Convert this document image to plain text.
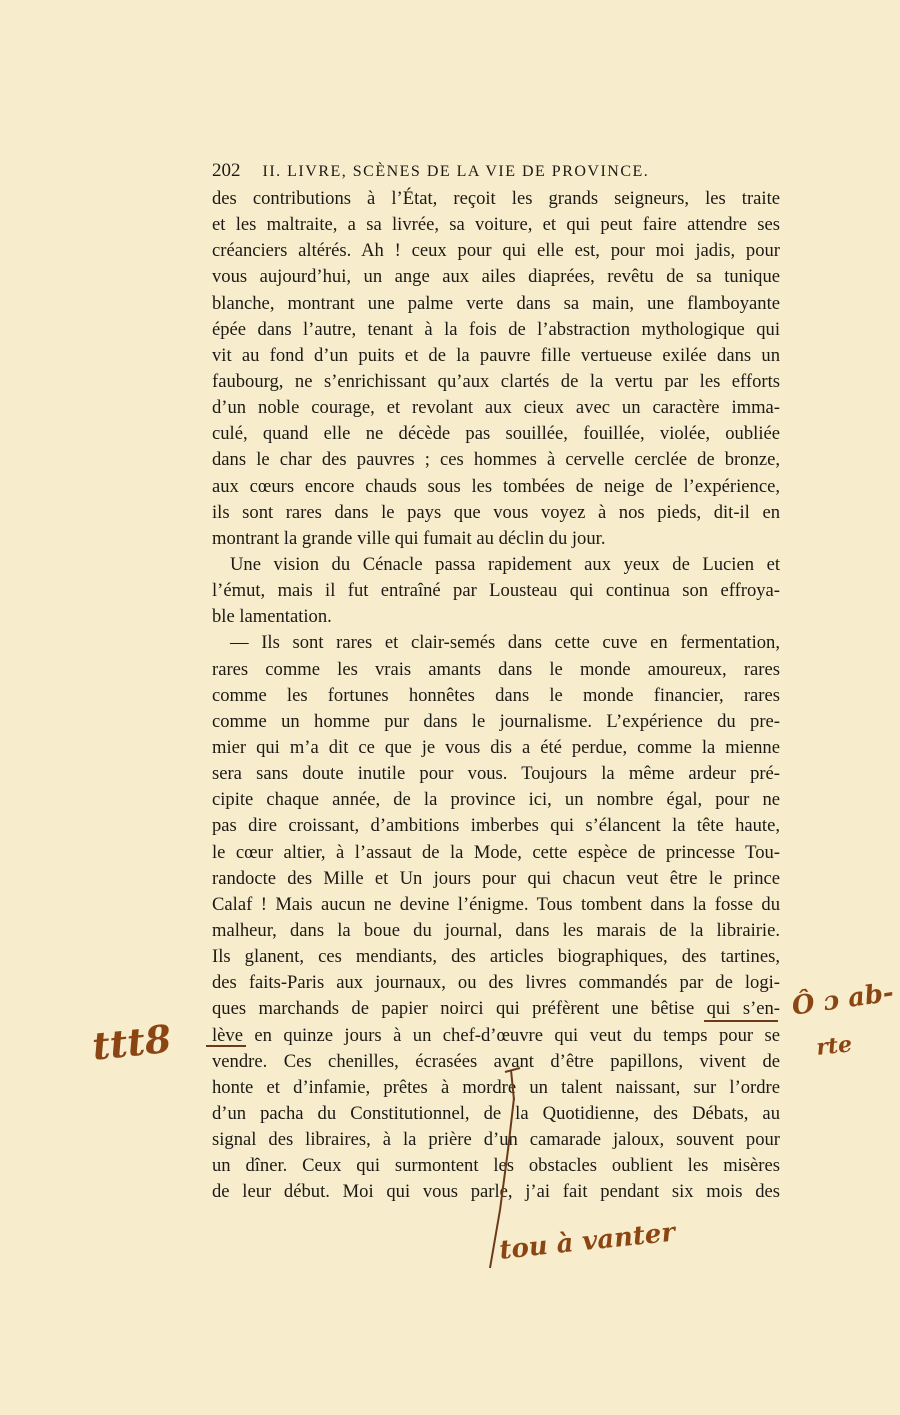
202 II. LIVRE, SCÈNES DE LA VIE DE PROVINCE.
des contributions à l’État, reçoit les grands seigneurs, les traite
et les maltraite, a sa livrée, sa voiture, et qui peut faire attendre ses
créanciers altérés. Ah ! ceux pour qui elle est, pour moi jadis, pour
vous aujourd’hui, un ange aux ailes diaprées, revêtu de sa tunique
blanche, montrant une palme verte dans sa main, une flamboyante
épée dans l’autre, tenant à la fois de l’abstraction mythologique qui
vit au fond d’un puits et de la pauvre fille vertueuse exilée dans un
faubourg, ne s’enrichissant qu’aux clartés de la vertu par les efforts
d’un noble courage, et revolant aux cieux avec un caractère imma-
culé, quand elle ne décède pas souillée, fouillée, violée, oubliée
dans le char des pauvres ; ces hommes à cervelle cerclée de bronze,
aux cœurs encore chauds sous les tombées de neige de l’expérience,
ils sont rares dans le pays que vous voyez à nos pieds, dit-il en
montrant la grande ville qui fumait au déclin du jour.
Une vision du Cénacle passa rapidement aux yeux de Lucien et
l’émut, mais il fut entraîné par Lousteau qui continua son effroya-
ble lamentation.
— Ils sont rares et clair-semés dans cette cuve en fermentation,
rares comme les vrais amants dans le monde amoureux, rares
comme les fortunes honnêtes dans le monde financier, rares
comme un homme pur dans le journalisme. L’expérience du pre-
mier qui m’a dit ce que je vous dis a été perdue, comme la mienne
sera sans doute inutile pour vous. Toujours la même ardeur pré-
cipite chaque année, de la province ici, un nombre égal, pour ne
pas dire croissant, d’ambitions imberbes qui s’élancent la tête haute,
le cœur altier, à l’assaut de la Mode, cette espèce de princesse Tou-
randocte des Mille et Un jours pour qui chacun veut être le prince
Calaf ! Mais aucun ne devine l’énigme. Tous tombent dans la fosse du
malheur, dans la boue du journal, dans les marais de la librairie.
Ils glanent, ces mendiants, des articles biographiques, des tartines,
des faits-Paris aux journaux, ou des livres commandés par de logi-
ques marchands de papier noirci qui préfèrent une bêtise qui s’en-
lève en quinze jours à un chef-d’œuvre qui veut du temps pour se
vendre. Ces chenilles, écrasées avant d’être papillons, vivent de
honte et d’infamie, prêtes à mordre un talent naissant, sur l’ordre
d’un pacha du Constitutionnel, de la Quotidienne, des Débats, au
signal des libraires, à la prière d’un camarade jaloux, souvent pour
un dîner. Ceux qui surmontent les obstacles oublient les misères
de leur début. Moi qui vous parle, j’ai fait pendant six mois des
ttt8
Ô ɔ ab-
rte
tou à vanter
